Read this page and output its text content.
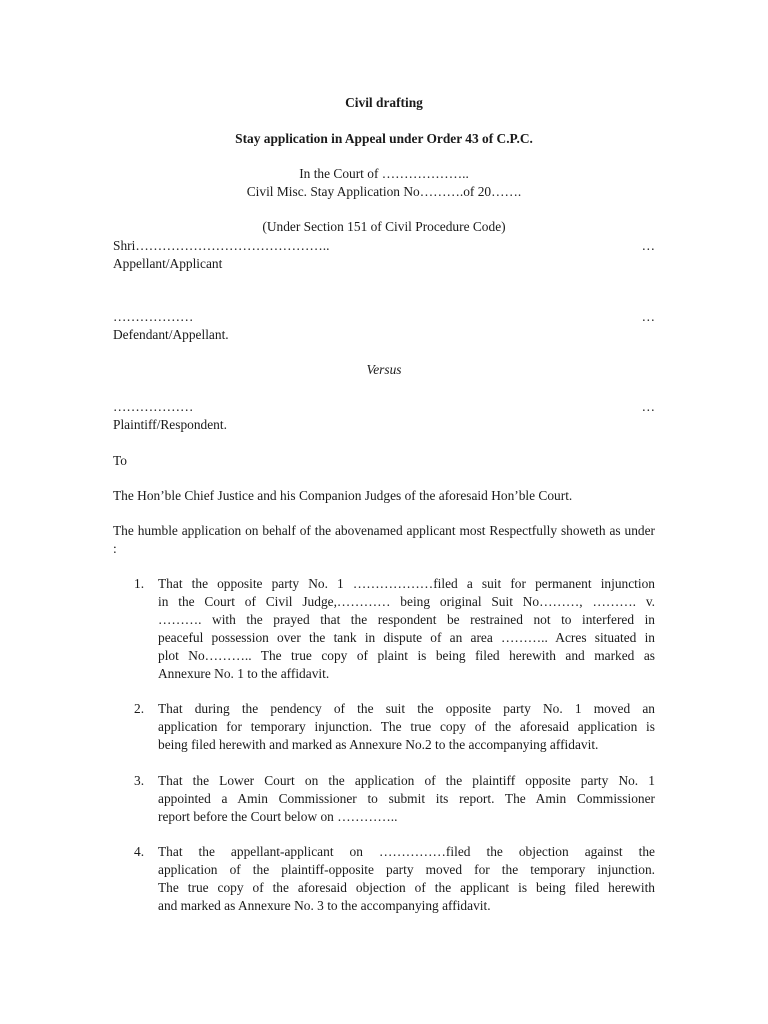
Civil drafting
Stay application in Appeal under Order 43 of C.P.C.
In the Court of ………………..
Civil Misc. Stay Application No……….of 20…….
(Under Section 151 of Civil Procedure Code)
Shri……………………………………..	…
Appellant/Applicant
………………	…
Defendant/Appellant.
Versus
………………	…
Plaintiff/Respondent.
To
The Hon’ble Chief Justice and his Companion Judges of the aforesaid Hon’ble Court.
The humble application on behalf of the abovenamed applicant most Respectfully showeth as under :
1. That the opposite party No. 1 ………………filed a suit for permanent injunction
in the Court of Civil Judge,………… being original Suit No………, ………. v.
………. with the prayed that the respondent be restrained not to interfered in
peaceful possession over the tank in dispute of an area ……….. Acres situated in
plot No……….. The true copy of plaint is being filed herewith and marked as
Annexure No. 1 to the affidavit.
2. That during the pendency of the suit the opposite party No. 1 moved an
application for temporary injunction. The true copy of the aforesaid application is
being filed herewith and marked as Annexure No.2 to the accompanying affidavit.
3. That the Lower Court on the application of the plaintiff opposite party No. 1
appointed a Amin Commissioner to submit its report. The Amin Commissioner
report before the Court below on …………..
4. That the appellant-applicant on ……………filed the objection against the
application of the plaintiff-opposite party moved for the temporary injunction.
The true copy of the aforesaid objection of the applicant is being filed herewith
and marked as Annexure No. 3 to the accompanying affidavit.
